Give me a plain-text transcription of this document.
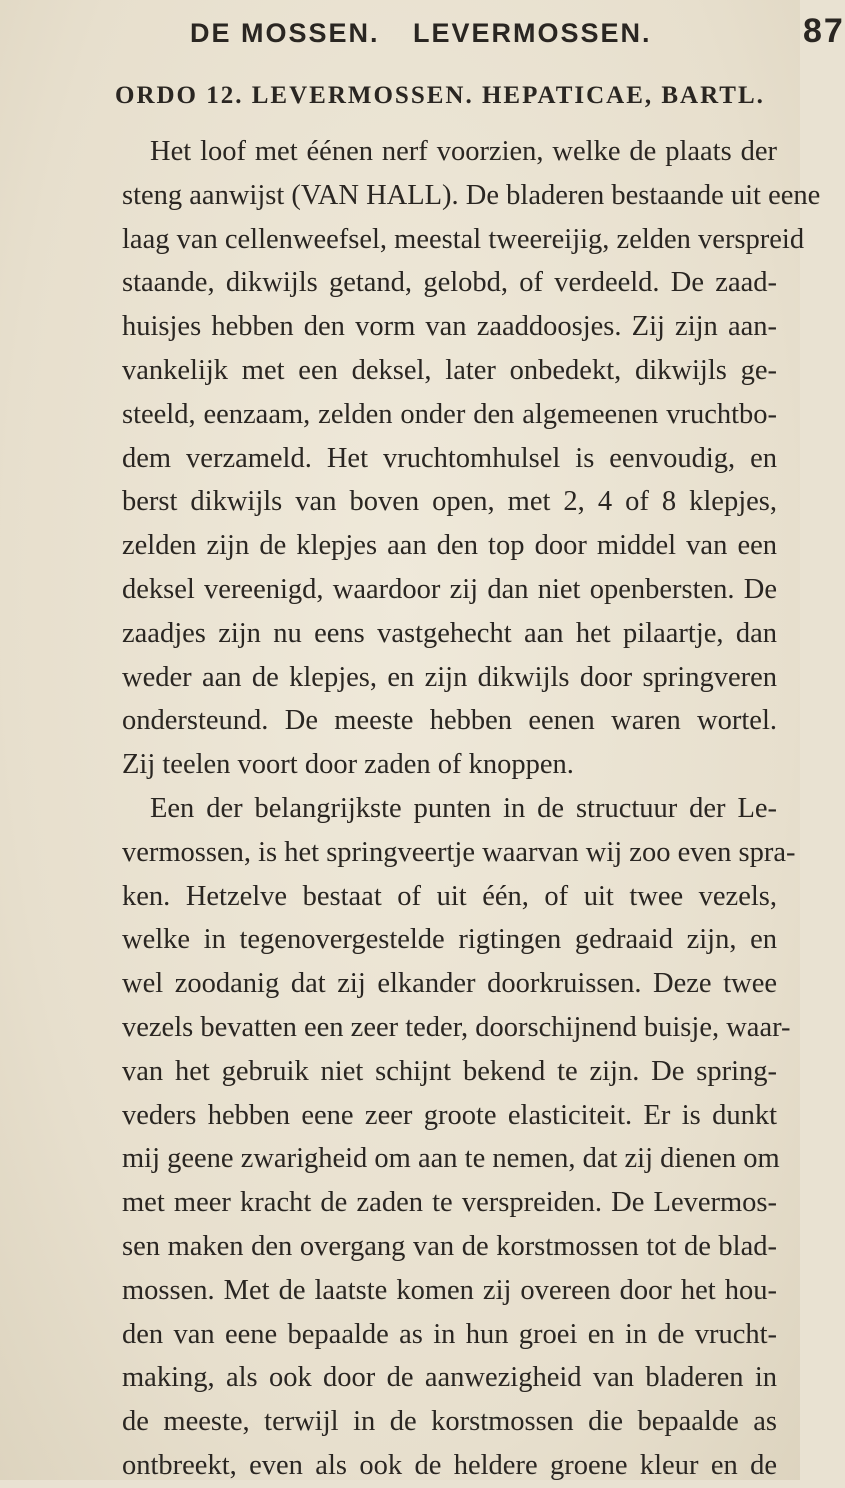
DE MOSSEN. LEVERMOSSEN.	87
ORDO 12. LEVERMOSSEN. HEPATICAE, BARTL.
Het loof met éénen nerf voorzien, welke de plaats der
steng aanwijst (VAN HALL). De bladeren bestaande uit eene
laag van cellenweefsel, meestal tweereijig, zelden verspreid
staande, dikwijls getand, gelobd, of verdeeld. De zaad-
huisjes hebben den vorm van zaaddoosjes. Zij zijn aan-
vankelijk met een deksel, later onbedekt, dikwijls ge-
steeld, eenzaam, zelden onder den algemeenen vruchtbo-
dem verzameld. Het vruchtomhulsel is eenvoudig, en
berst dikwijls van boven open, met 2, 4 of 8 klepjes,
zelden zijn de klepjes aan den top door middel van een
deksel vereenigd, waardoor zij dan niet openbersten. De
zaadjes zijn nu eens vastgehecht aan het pilaartje, dan
weder aan de klepjes, en zijn dikwijls door springveren
ondersteund. De meeste hebben eenen waren wortel.
Zij teelen voort door zaden of knoppen.
Een der belangrijkste punten in de structuur der Le-
vermossen, is het springveertje waarvan wij zoo even spra-
ken. Hetzelve bestaat of uit één, of uit twee vezels,
welke in tegenovergestelde rigtingen gedraaid zijn, en
wel zoodanig dat zij elkander doorkruissen. Deze twee
vezels bevatten een zeer teder, doorschijnend buisje, waar-
van het gebruik niet schijnt bekend te zijn. De spring-
veders hebben eene zeer groote elasticiteit. Er is dunkt
mij geene zwarigheid om aan te nemen, dat zij dienen om
met meer kracht de zaden te verspreiden. De Levermos-
sen maken den overgang van de korstmossen tot de blad-
mossen. Met de laatste komen zij overeen door het hou-
den van eene bepaalde as in hun groei en in de vrucht-
making, als ook door de aanwezigheid van bladeren in
de meeste, terwijl in de korstmossen die bepaalde as
ontbreekt, even als ook de heldere groene kleur en de
